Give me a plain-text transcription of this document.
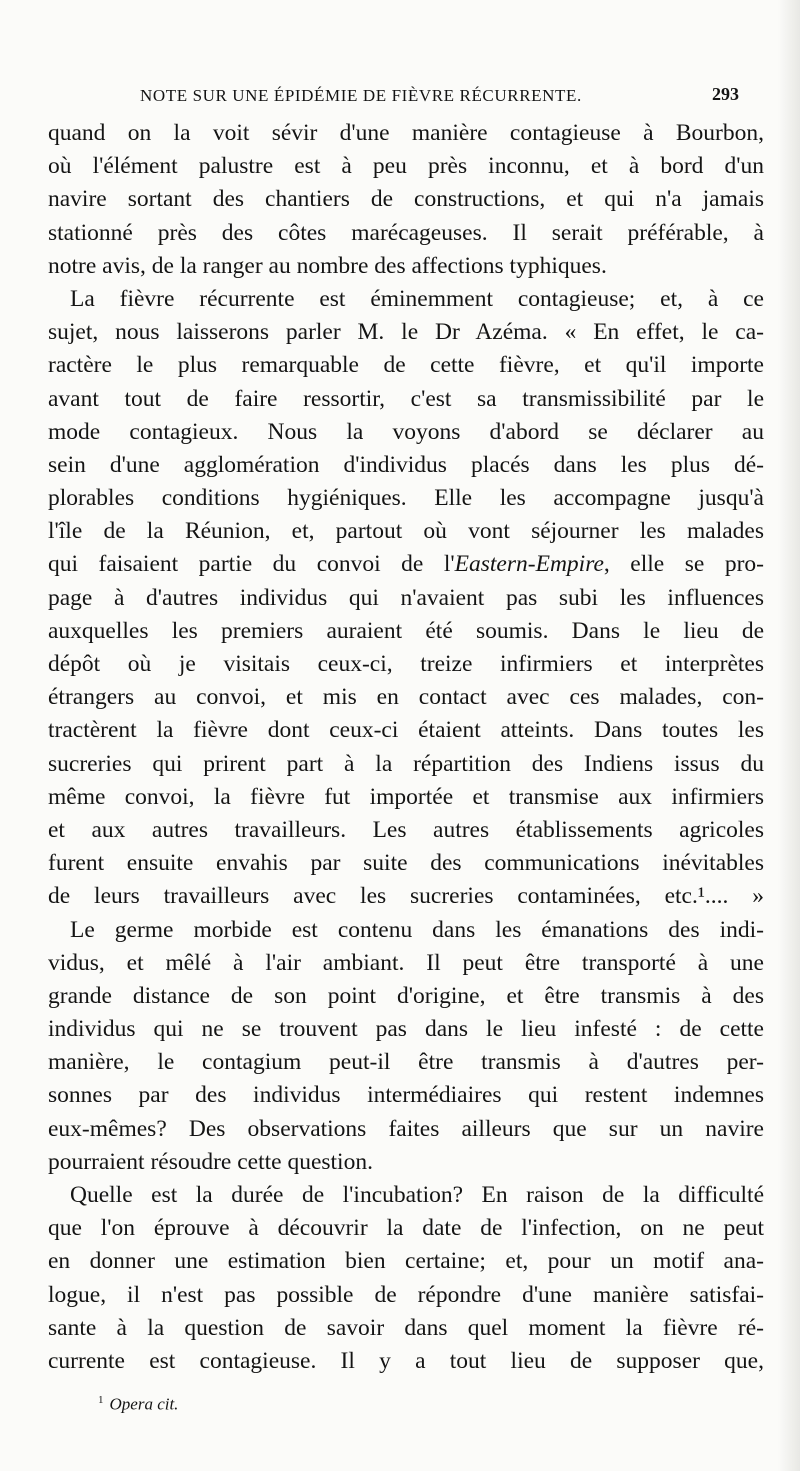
NOTE SUR UNE ÉPIDÉMIE DE FIÈVRE RÉCURRENTE.	293
quand on la voit sévir d'une manière contagieuse à Bourbon,
où l'élément palustre est à peu près inconnu, et à bord d'un
navire sortant des chantiers de constructions, et qui n'a jamais
stationné près des côtes marécageuses. Il serait préférable, à
notre avis, de la ranger au nombre des affections typhiques.
La fièvre récurrente est éminemment contagieuse; et, à ce
sujet, nous laisserons parler M. le Dr Azéma. « En effet, le ca-
ractère le plus remarquable de cette fièvre, et qu'il importe
avant tout de faire ressortir, c'est sa transmissibilité par le
mode contagieux. Nous la voyons d'abord se déclarer au
sein d'une agglomération d'individus placés dans les plus dé-
plorables conditions hygiéniques. Elle les accompagne jusqu'à
l'île de la Réunion, et, partout où vont séjourner les malades
qui faisaient partie du convoi de l'Eastern-Empire, elle se pro-
page à d'autres individus qui n'avaient pas subi les influences
auxquelles les premiers auraient été soumis. Dans le lieu de
dépôt où je visitais ceux-ci, treize infirmiers et interprètes
étrangers au convoi, et mis en contact avec ces malades, con-
tractèrent la fièvre dont ceux-ci étaient atteints. Dans toutes les
sucreries qui prirent part à la répartition des Indiens issus du
même convoi, la fièvre fut importée et transmise aux infirmiers
et aux autres travailleurs. Les autres établissements agricoles
furent ensuite envahis par suite des communications inévitables
de leurs travailleurs avec les sucreries contaminées, etc.¹.... »
Le germe morbide est contenu dans les émanations des indi-
vidus, et mêlé à l'air ambiant. Il peut être transporté à une
grande distance de son point d'origine, et être transmis à des
individus qui ne se trouvent pas dans le lieu infesté : de cette
manière, le contagium peut-il être transmis à d'autres per-
sonnes par des individus intermédiaires qui restent indemnes
eux-mêmes? Des observations faites ailleurs que sur un navire
pourraient résoudre cette question.
Quelle est la durée de l'incubation? En raison de la difficulté
que l'on éprouve à découvrir la date de l'infection, on ne peut
en donner une estimation bien certaine; et, pour un motif ana-
logue, il n'est pas possible de répondre d'une manière satisfai-
sante à la question de savoir dans quel moment la fièvre ré-
currente est contagieuse. Il y a tout lieu de supposer que,
$^1$ Opera cit.
